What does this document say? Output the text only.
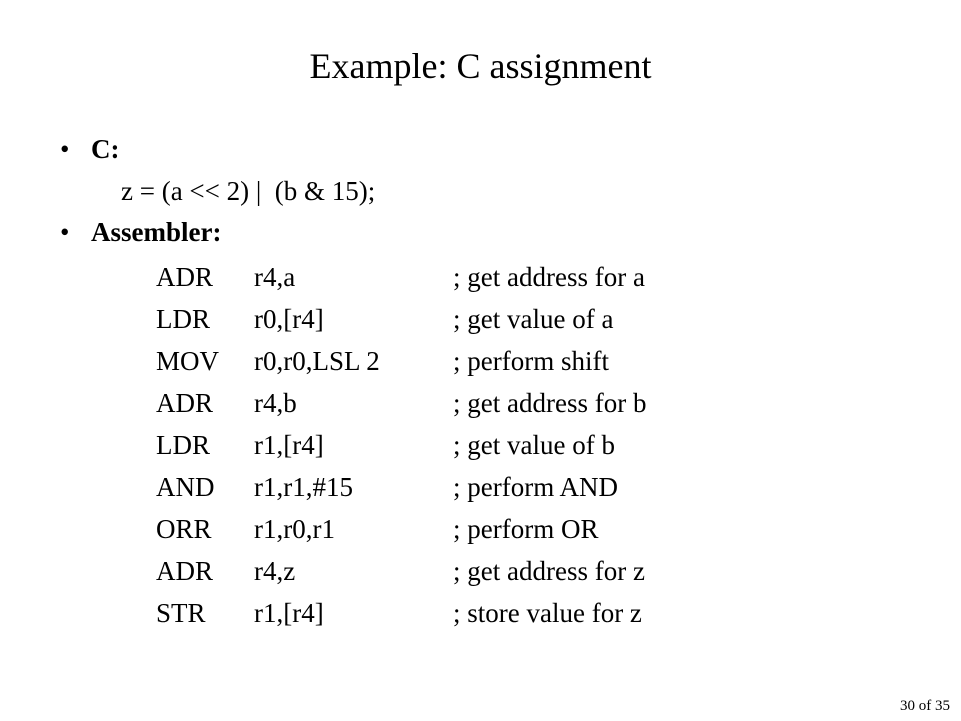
Example: C assignment
• C:
z = (a << 2) |  (b & 15);
• Assembler:
ADR r4,a	; get address for a
LDR r0,[r4]	; get value of a
MOV r0,r0,LSL 2	; perform shift
ADR r4,b	; get address for b
LDR r1,[r4]	; get value of b
AND r1,r1,#15	; perform AND
ORR r1,r0,r1	; perform OR
ADR r4,z	; get address for z
STR r1,[r4]	; store value for z
30 of 35
